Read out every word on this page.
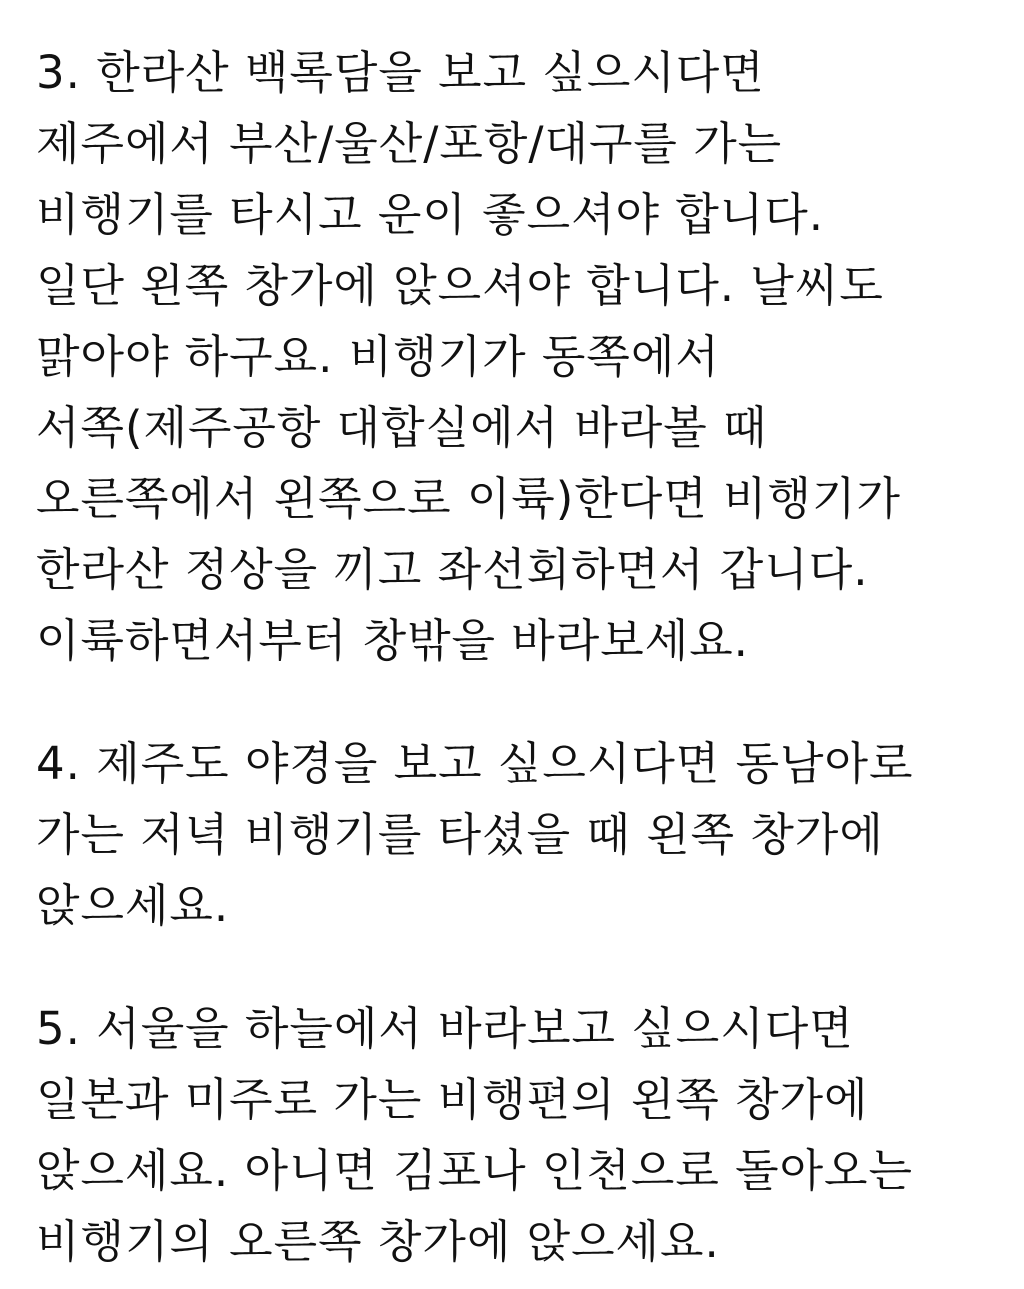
3. 한라산 백록담을 보고 싶으시다면
제주에서 부산/울산/포항/대구를 가는
비행기를 타시고 운이 좋으셔야 합니다.
일단 왼쪽 창가에 앉으셔야 합니다. 날씨도
맑아야 하구요. 비행기가 동쪽에서
서쪽(제주공항 대합실에서 바라볼 때
오른쪽에서 왼쪽으로 이륙)한다면 비행기가
한라산 정상을 끼고 좌선회하면서 갑니다.
이륙하면서부터 창밖을 바라보세요.
4. 제주도 야경을 보고 싶으시다면 동남아로
가는 저녁 비행기를 타셨을 때 왼쪽 창가에
앉으세요.
5. 서울을 하늘에서 바라보고 싶으시다면
일본과 미주로 가는 비행편의 왼쪽 창가에
앉으세요. 아니면 김포나 인천으로 돌아오는
비행기의 오른쪽 창가에 앉으세요.
